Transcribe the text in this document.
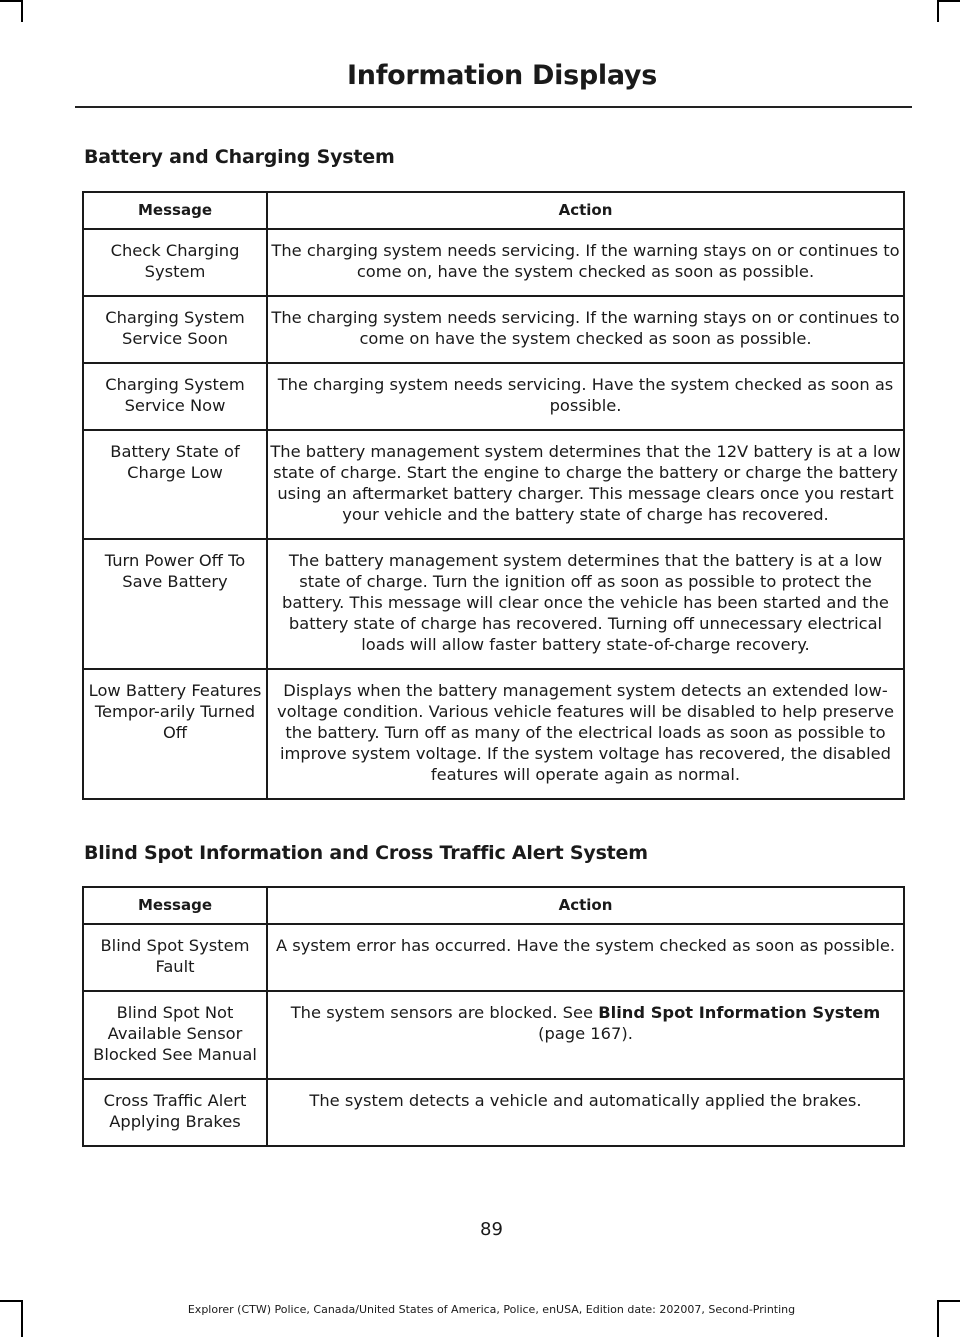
Information Displays
Battery and Charging System
Message	Action
Check Charging System	The charging system needs servicing. If the warning stays on or continues to come on, have the system checked as soon as possible.
Charging System Service Soon	The charging system needs servicing. If the warning stays on or continues to come on have the system checked as soon as possible.
Charging System Service Now	The charging system needs servicing. Have the system checked as soon as possible.
Battery State of Charge Low	The battery management system determines that the 12V battery is at a low state of charge. Start the engine to charge the battery or charge the battery using an aftermarket battery charger. This message clears once you restart your vehicle and the battery state of charge has recovered.
Turn Power Off To Save Battery	The battery management system determines that the battery is at a low state of charge. Turn the ignition off as soon as possible to protect the battery. This message will clear once the vehicle has been started and the battery state of charge has recovered. Turning off unnecessary electrical loads will allow faster battery state-of-charge recovery.
Low Battery Features Tempor-arily Turned Off	Displays when the battery management system detects an extended low-voltage condition. Various vehicle features will be disabled to help preserve the battery. Turn off as many of the electrical loads as soon as possible to improve system voltage. If the system voltage has recovered, the disabled features will operate again as normal.
Blind Spot Information and Cross Traffic Alert System
Message	Action
Blind Spot System Fault	A system error has occurred. Have the system checked as soon as possible.
Blind Spot Not Available Sensor Blocked See Manual	The system sensors are blocked. See Blind Spot Information System (page 167).
Cross Traffic Alert Applying Brakes	The system detects a vehicle and automatically applied the brakes.
89
Explorer (CTW) Police, Canada/United States of America, Police, enUSA, Edition date: 202007, Second-Printing
